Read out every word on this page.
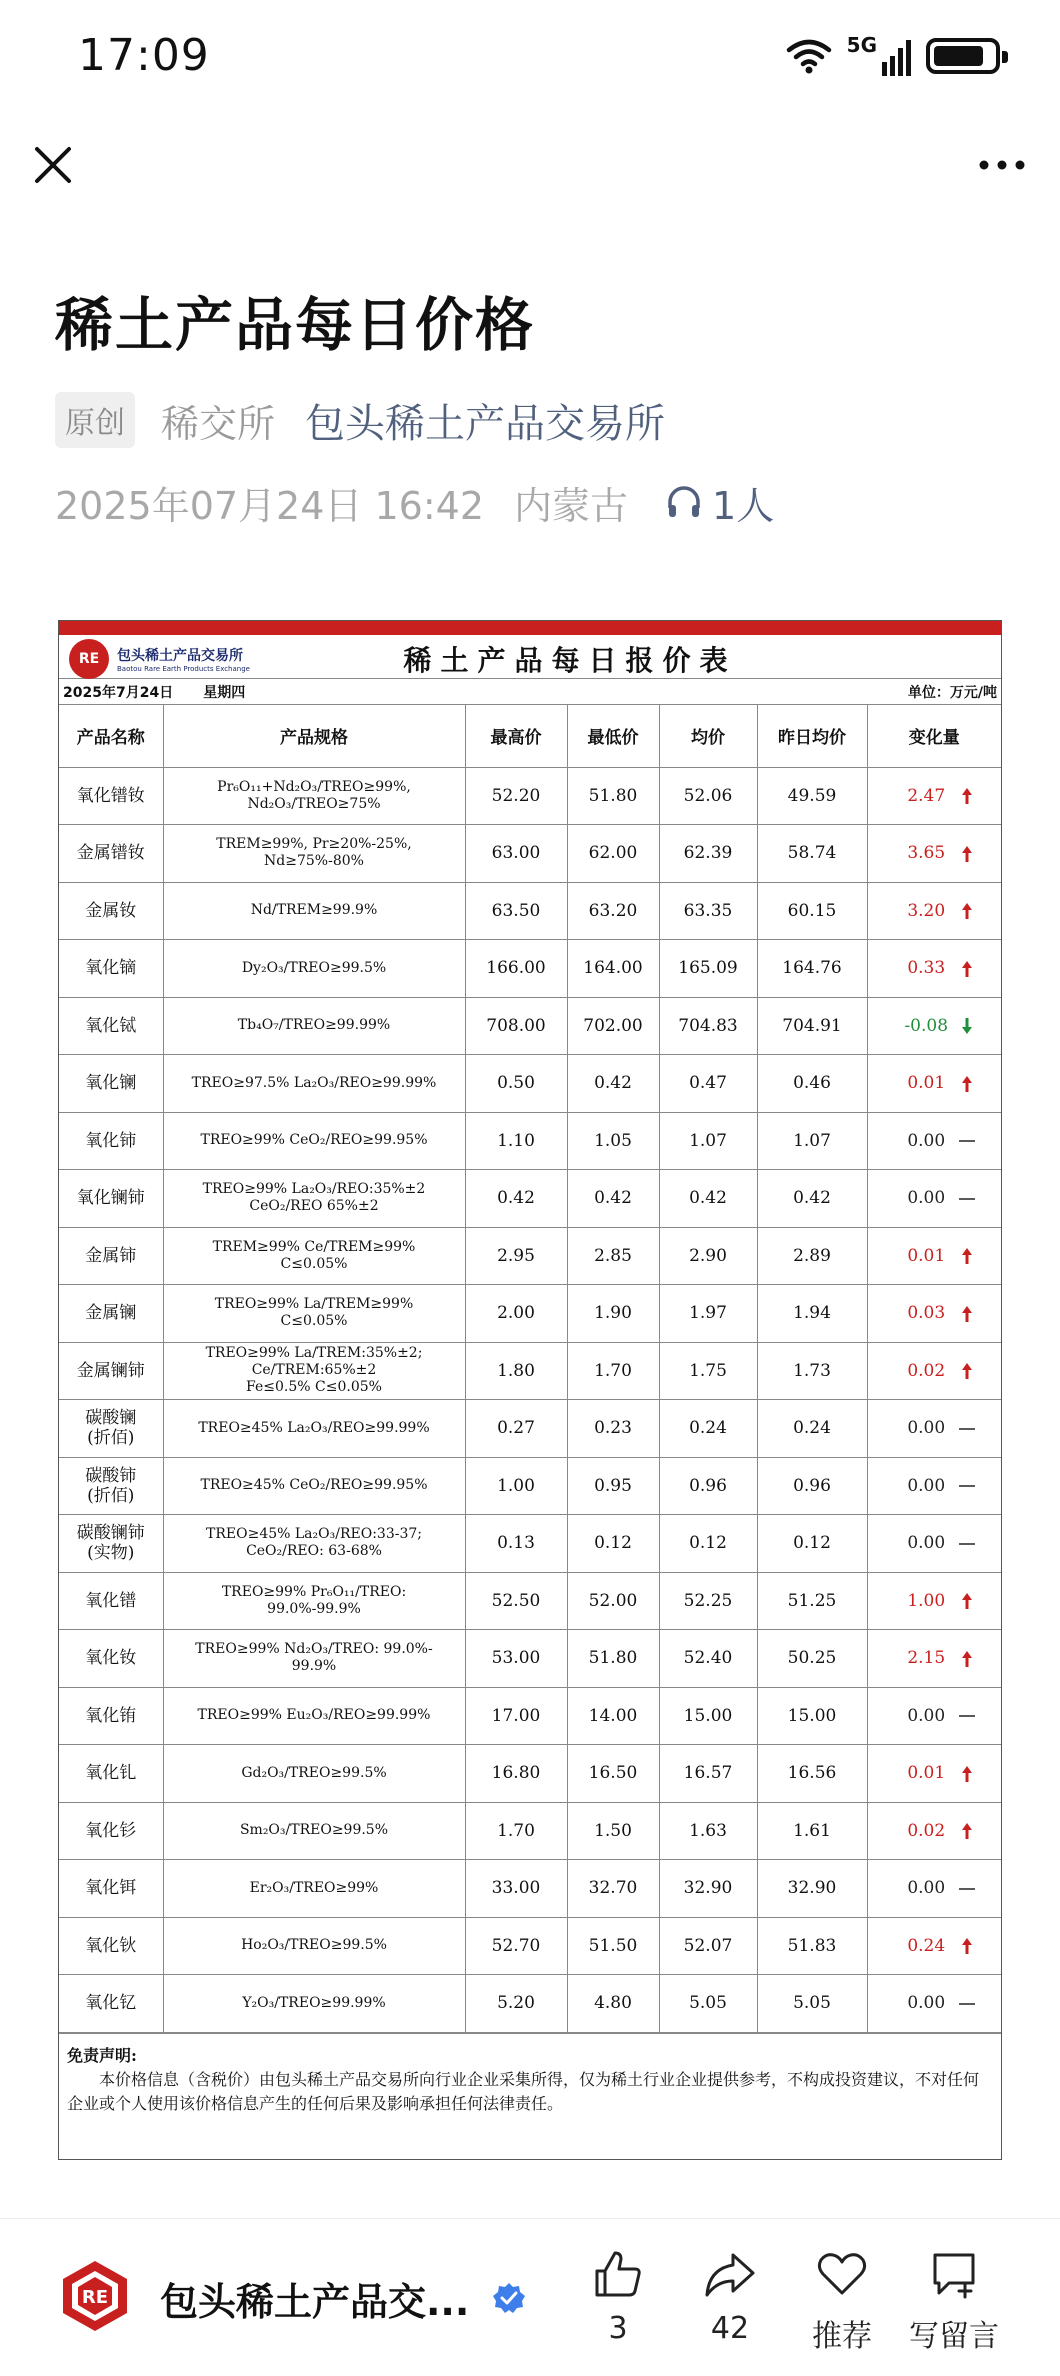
17:09	5G
稀土产品每日价格
原创 稀交所 包头稀土产品交易所
2025年07月24日 16:42 内蒙古 1人
RE	包头稀土产品交易所
Baotou Rare Earth Products Exchange	稀土产品每日报价表
2025年7月24日 星期四	单位：万元/吨
产品名称	产品规格	最高价	最低价	均价	昨日均价	变化量
氧化镨钕	Pr₆O₁₁+Nd₂O₃/TREO≥99%,
Nd₂O₃/TREO≥75%	52.20	51.80	52.06	49.59	2.47
金属镨钕	TREM≥99%, Pr≥20%-25%,
Nd≥75%-80%	63.00	62.00	62.39	58.74	3.65
金属钕	Nd/TREM≥99.9%	63.50	63.20	63.35	60.15	3.20
氧化镝	Dy₂O₃/TREO≥99.5%	166.00	164.00	165.09	164.76	0.33
氧化铽	Tb₄O₇/TREO≥99.99%	708.00	702.00	704.83	704.91	-0.08
氧化镧	TREO≥97.5% La₂O₃/REO≥99.99%	0.50	0.42	0.47	0.46	0.01
氧化铈	TREO≥99% CeO₂/REO≥99.95%	1.10	1.05	1.07	1.07	0.00
氧化镧铈	TREO≥99% La₂O₃/REO:35%±2
CeO₂/REO 65%±2	0.42	0.42	0.42	0.42	0.00
金属铈	TREM≥99% Ce/TREM≥99%
C≤0.05%	2.95	2.85	2.90	2.89	0.01
金属镧	TREO≥99% La/TREM≥99%
C≤0.05%	2.00	1.90	1.97	1.94	0.03
金属镧铈	TREO≥99% La/TREM:35%±2;
Ce/TREM:65%±2
Fe≤0.5% C≤0.05%	1.80	1.70	1.75	1.73	0.02
碳酸镧
(折佰)	TREO≥45% La₂O₃/REO≥99.99%	0.27	0.23	0.24	0.24	0.00
碳酸铈
(折佰)	TREO≥45% CeO₂/REO≥99.95%	1.00	0.95	0.96	0.96	0.00
碳酸镧铈
(实物)	TREO≥45% La₂O₃/REO:33-37;
CeO₂/REO: 63-68%	0.13	0.12	0.12	0.12	0.00
氧化镨	TREO≥99% Pr₆O₁₁/TREO:
99.0%-99.9%	52.50	52.00	52.25	51.25	1.00
氧化钕	TREO≥99% Nd₂O₃/TREO: 99.0%-
99.9%	53.00	51.80	52.40	50.25	2.15
氧化铕	TREO≥99% Eu₂O₃/REO≥99.99%	17.00	14.00	15.00	15.00	0.00
氧化钆	Gd₂O₃/TREO≥99.5%	16.80	16.50	16.57	16.56	0.01
氧化钐	Sm₂O₃/TREO≥99.5%	1.70	1.50	1.63	1.61	0.02
氧化铒	Er₂O₃/TREO≥99%	33.00	32.70	32.90	32.90	0.00
氧化钬	Ho₂O₃/TREO≥99.5%	52.70	51.50	52.07	51.83	0.24
氧化钇	Y₂O₃/TREO≥99.99%	5.20	4.80	5.05	5.05	0.00
免责声明:
本价格信息（含税价）由包头稀土产品交易所向行业企业采集所得，仅为稀土行业企业提供参考，不构成投资建议，不对任何企业或个人使用该价格信息产生的任何后果及影响承担任何法律责任。
RE 包头稀土产品交...
3	42	推荐	写留言
